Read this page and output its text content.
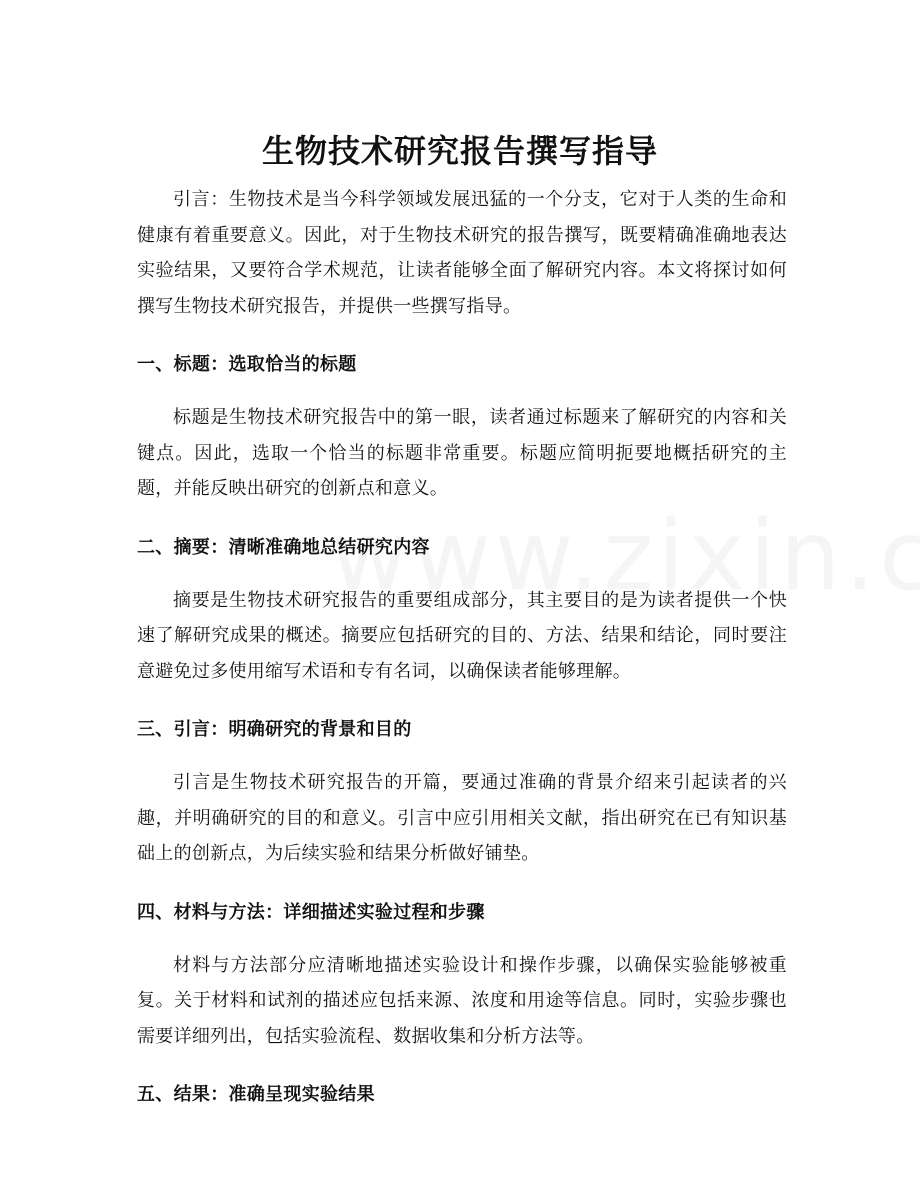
生物技术研究报告撰写指导

引言：生物技术是当今科学领域发展迅猛的一个分支，它对于人类的生命和健康有着重要意义。因此，对于生物技术研究的报告撰写，既要精确准确地表达实验结果，又要符合学术规范，让读者能够全面了解研究内容。本文将探讨如何撰写生物技术研究报告，并提供一些撰写指导。

一、标题：选取恰当的标题

标题是生物技术研究报告中的第一眼，读者通过标题来了解研究的内容和关键点。因此，选取一个恰当的标题非常重要。标题应简明扼要地概括研究的主题，并能反映出研究的创新点和意义。

二、摘要：清晰准确地总结研究内容

摘要是生物技术研究报告的重要组成部分，其主要目的是为读者提供一个快速了解研究成果的概述。摘要应包括研究的目的、方法、结果和结论，同时要注意避免过多使用缩写术语和专有名词，以确保读者能够理解。

三、引言：明确研究的背景和目的

引言是生物技术研究报告的开篇，要通过准确的背景介绍来引起读者的兴趣，并明确研究的目的和意义。引言中应引用相关文献，指出研究在已有知识基础上的创新点，为后续实验和结果分析做好铺垫。

四、材料与方法：详细描述实验过程和步骤

材料与方法部分应清晰地描述实验设计和操作步骤，以确保实验能够被重复。关于材料和试剂的描述应包括来源、浓度和用途等信息。同时，实验步骤也需要详细列出，包括实验流程、数据收集和分析方法等。

五、结果：准确呈现实验结果
